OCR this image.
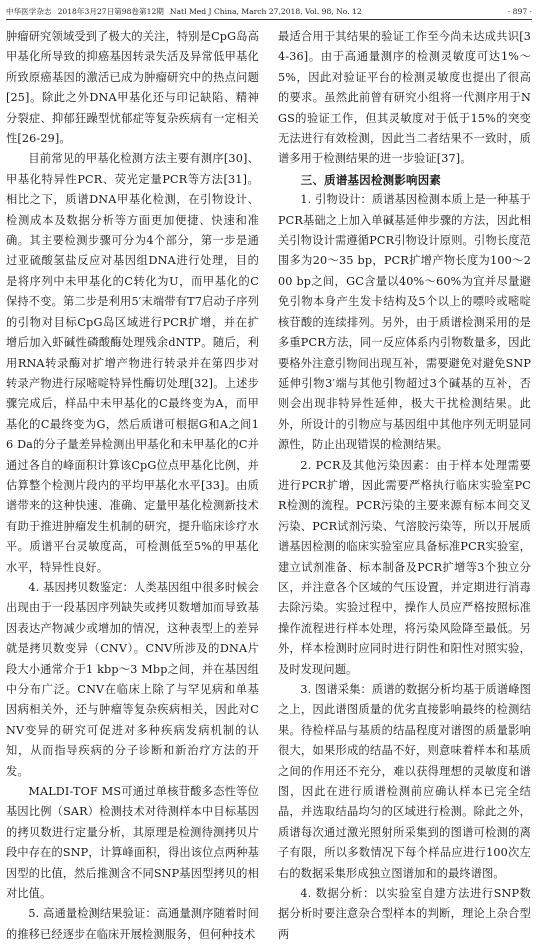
中华医学杂志 2018年3月27日第98卷第12期 Natl Med J China, March 27,2018, Vol. 98, No. 12	· 897 ·

肿瘤研究领域受到了极大的关注，特别是CpG岛高甲基化所导致的抑癌基因转录失活及异常低甲基化所致原癌基因的激活已成为肿瘤研究中的热点问题[25]。除此之外DNA甲基化还与印记缺陷、精神分裂症、抑郁狂躁型忧郁症等复杂疾病有一定相关性[26-29]。

目前常见的甲基化检测方法主要有测序[30]、甲基化特异性PCR、荧光定量PCR等方法[31]。相比之下，质谱DNA甲基化检测，在引物设计、检测成本及数据分析等方面更加便捷、快速和准确。其主要检测步骤可分为4个部分，第一步是通过亚硫酸氢盐反应对基因组DNA进行处理，目的是将序列中未甲基化的C转化为U，而甲基化的C保持不变。第二步是利用5′末端带有T7启动子序列的引物对目标CpG岛区域进行PCR扩增，并在扩增后加入虾碱性磷酸酶处理残余dNTP。随后，利用RNA转录酶对扩增产物进行转录并在第四步对转录产物进行尿嘧啶特异性酶切处理[32]。上述步骤完成后，样品中未甲基化的C最终变为A，而甲基化的C最终变为G，然后质谱可根据G和A之间16 Da的分子量差异检测出甲基化和未甲基化的C并通过各自的峰面积计算该CpG位点甲基化比例，并估算整个检测片段内的平均甲基化水平[33]。由质谱带来的这种快速、准确、定量甲基化检测新技术有助于推进肿瘤发生机制的研究，提升临床诊疗水平。质谱平台灵敏度高，可检测低至5%的甲基化水平，特异性良好。

4. 基因拷贝数鉴定：人类基因组中很多时候会出现由于一段基因序列缺失或拷贝数增加而导致基因表达产物减少或增加的情况，这种表型上的差异就是拷贝数变异（CNV）。CNV所涉及的DNA片段大小通常介于1 kbp～3 Mbp之间，并在基因组中分布广泛。CNV在临床上除了与罕见病和单基因病相关外，还与肿瘤等复杂疾病相关，因此对CNV变异的研究可促进对多种疾病发病机制的认知，从而指导疾病的分子诊断和新治疗方法的开发。

MALDI-TOF MS可通过单核苷酸多态性等位基因比例（SAR）检测技术对待测样本中目标基因的拷贝数进行定量分析，其原理是检测待测拷贝片段中存在的SNP，计算峰面积，得出该位点两种基因型的比值，然后推测含不同SNP基因型拷贝的相对比值。

5. 高通量检测结果验证：高通量测序随着时间的推移已经逐步在临床开展检测服务，但何种技术

最适合用于其结果的验证工作至今尚未达成共识[34-36]。由于高通量测序的检测灵敏度可达1%～5%，因此对验证平台的检测灵敏度也提出了很高的要求。虽然此前曾有研究小组将一代测序用于NGS的验证工作，但其灵敏度对于低于15%的突变无法进行有效检测，因此当二者结果不一致时，质谱多用于检测结果的进一步验证[37]。

三、质谱基因检测影响因素

1. 引物设计：质谱基因检测本质上是一种基于PCR基础之上加入单碱基延伸步骤的方法，因此相关引物设计需遵循PCR引物设计原则。引物长度范围多为20～35 bp，PCR扩增产物长度为100～200 bp之间，GC含量以40%～60%为宜并尽量避免引物本身产生发卡结构及5个以上的嘌呤或嘧啶核苷酸的连续排列。另外，由于质谱检测采用的是多重PCR方法，同一反应体系内引物数量多，因此要格外注意引物间出现互补，需要避免对避免SNP延伸引物3′端与其他引物超过3个碱基的互补，否则会出现非特异性延伸，极大干扰检测结果。此外，所设计的引物应与基因组中其他序列无明显同源性，防止出现错误的检测结果。

2. PCR及其他污染因素：由于样本处理需要进行PCR扩增，因此需要严格执行临床实验室PCR检测的流程。PCR污染的主要来源有标本间交叉污染、PCR试剂污染、气溶胶污染等，所以开展质谱基因检测的临床实验室应具备标准PCR实验室，建立试剂准备、标本制备及PCR扩增等3个独立分区，并注意各个区域的气压设置，并定期进行消毒去除污染。实验过程中，操作人员应严格按照标准操作流程进行样本处理，将污染风险降至最低。另外，样本检测时应同时进行阴性和阳性对照实验，及时发现问题。

3. 图谱采集：质谱的数据分析均基于质谱峰图之上，因此谱图质量的优劣直接影响最终的检测结果。待检样品与基质的结晶程度对谱图的质量影响很大，如果形成的结晶不好，则意味着样本和基质之间的作用还不充分，难以获得理想的灵敏度和谱图，因此在进行质谱检测前应确认样本已完全结晶，并选取结晶均匀的区域进行检测。除此之外，质谱每次通过激光照射所采集到的图谱可检测的离子有限，所以多数情况下每个样品应进行100次左右的数据采集形成独立图谱加和的最终谱图。

4. 数据分析：以实验室自建方法进行SNP数据分析时要注意杂合型样本的判断，理论上杂合型两
